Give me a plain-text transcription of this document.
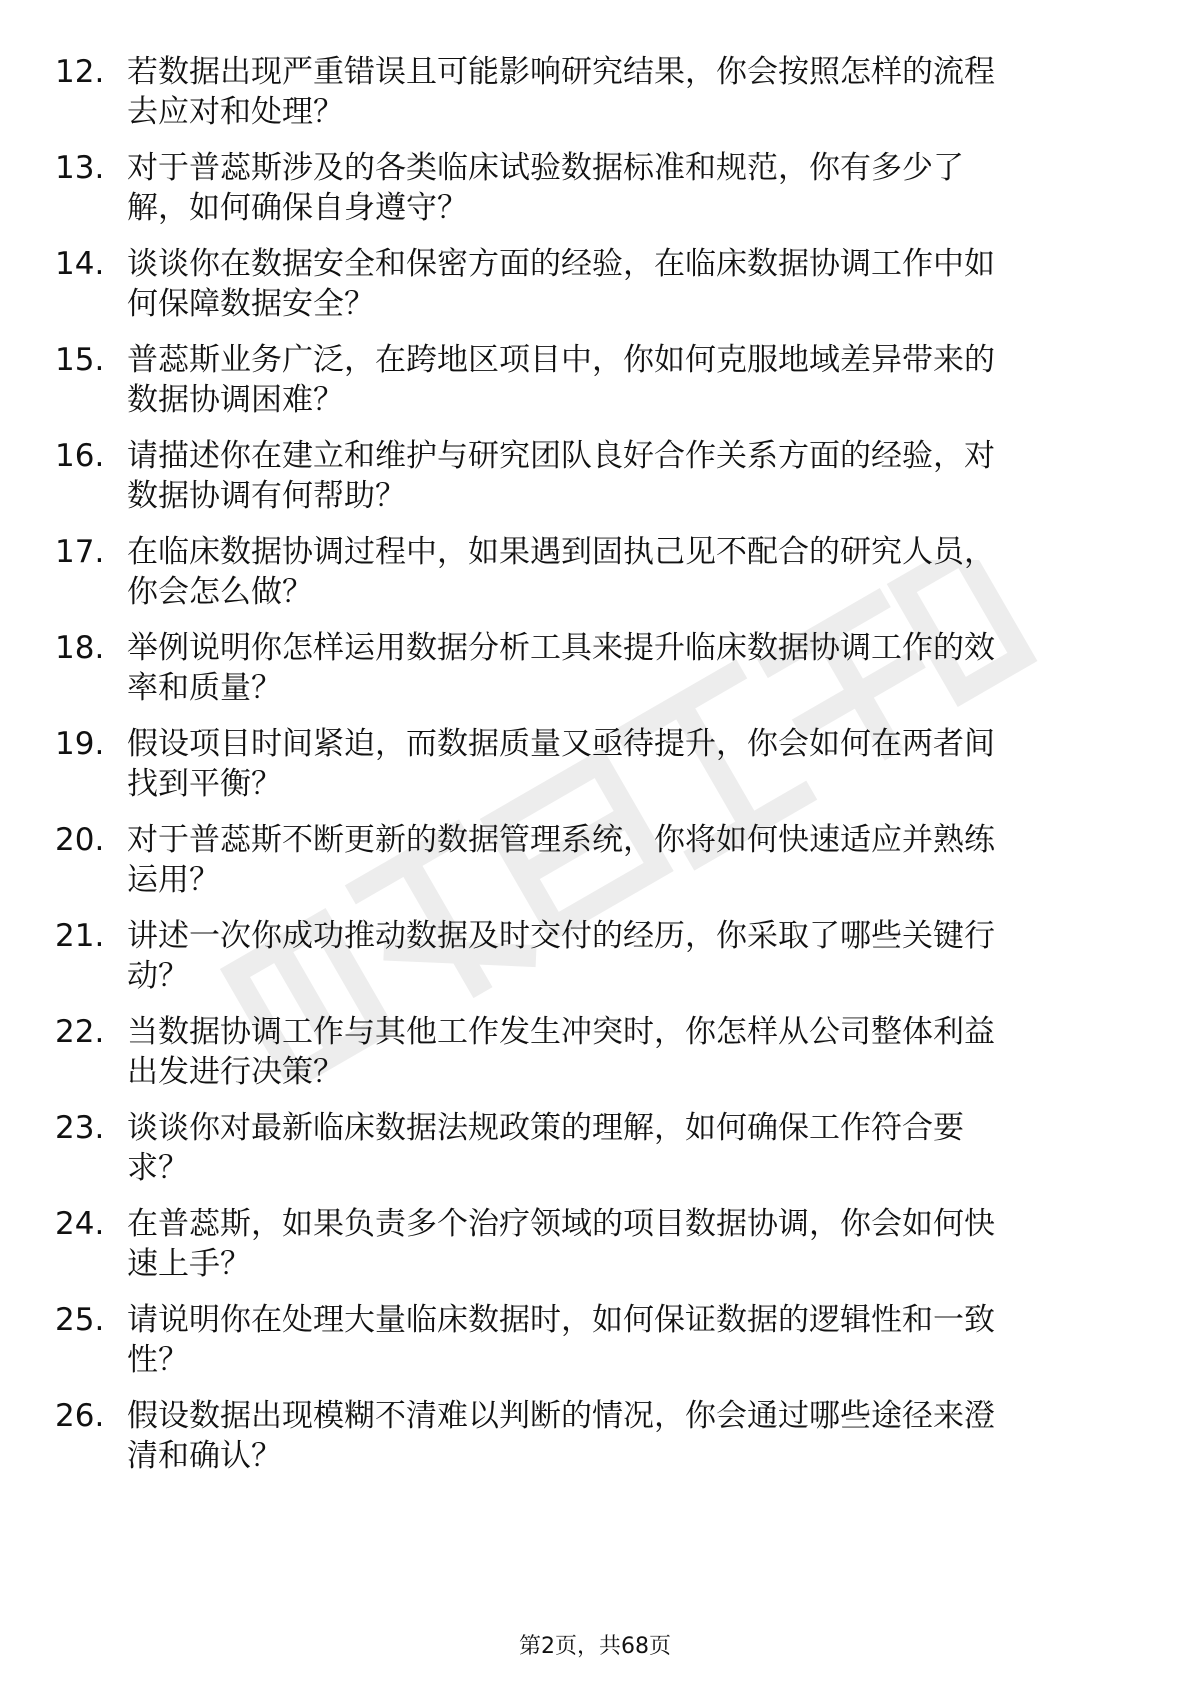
12. 若数据出现严重错误且可能影响研究结果，你会按照怎样的流程
去应对和处理？
13. 对于普蕊斯涉及的各类临床试验数据标准和规范，你有多少了
解，如何确保自身遵守？
14. 谈谈你在数据安全和保密方面的经验，在临床数据协调工作中如
何保障数据安全？
15. 普蕊斯业务广泛，在跨地区项目中，你如何克服地域差异带来的
数据协调困难？
16. 请描述你在建立和维护与研究团队良好合作关系方面的经验，对
数据协调有何帮助？
17. 在临床数据协调过程中，如果遇到固执己见不配合的研究人员，
你会怎么做？
18. 举例说明你怎样运用数据分析工具来提升临床数据协调工作的效
率和质量？
19. 假设项目时间紧迫，而数据质量又亟待提升，你会如何在两者间
找到平衡？
20. 对于普蕊斯不断更新的数据管理系统，你将如何快速适应并熟练
运用？
21. 讲述一次你成功推动数据及时交付的经历，你采取了哪些关键行
动？
22. 当数据协调工作与其他工作发生冲突时，你怎样从公司整体利益
出发进行决策？
23. 谈谈你对最新临床数据法规政策的理解，如何确保工作符合要
求？
24. 在普蕊斯，如果负责多个治疗领域的项目数据协调，你会如何快
速上手？
25. 请说明你在处理大量临床数据时，如何保证数据的逻辑性和一致
性？
26. 假设数据出现模糊不清难以判断的情况，你会通过哪些途径来澄
清和确认？
第2页，共68页
